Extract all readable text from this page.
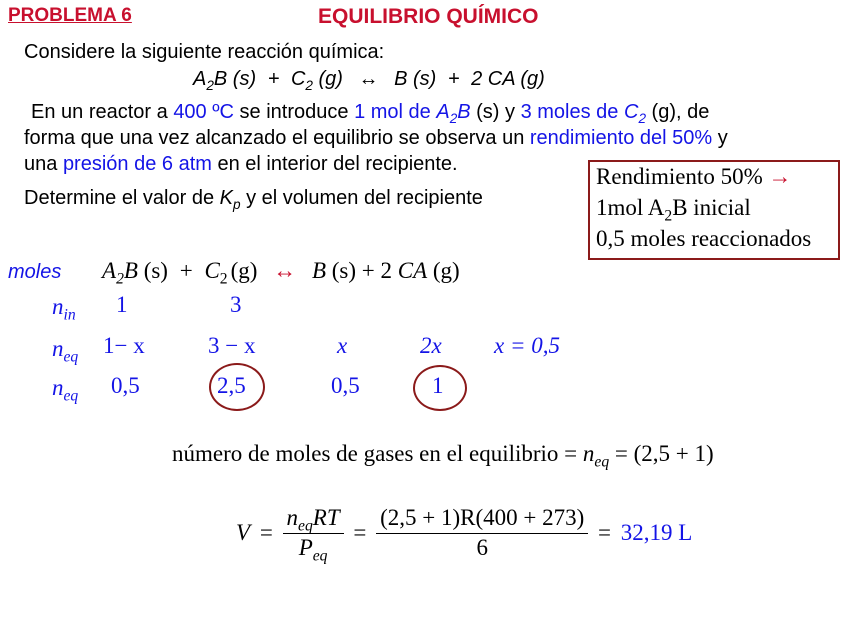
PROBLEMA 6	EQUILIBRIO QUÍMICO
Considere la siguiente reacción química:
$A_2B$ $(s) + C_2$ (g) ↔ B (s) + 2 CA (g)
En un reactor a 400 ºC se introduce 1 mol de $A_2B$ (s) y 3 moles de $C_2$ (g), de
forma que una vez alcanzado el equilibrio se observa un rendimiento del 50% y
una presión de 6 atm en el interior del recipiente.
Determine el valor de $K_p$ y el volumen del recipiente
Rendimiento 50% →
1mol $A_2B$ inicial
0,5 moles reaccionados
moles $A_2B$ $(s) + C_2$ (g) ↔ B (s) + 2 CA (g)
$n_{in}$ 1	3
$n_{eq}$ 1− x	3 − x	x	2x x = 0,5
$n_{eq}$ 0,5	2,5	0,5	1
número de moles de gases en el equilibrio = $n_{eq} = (2,5 + 1)$
$V = \frac{n_{eq}RT}{P_{eq}} = \frac{(2,5 + 1)R(400 + 273)}{6} = 32,19$ L
